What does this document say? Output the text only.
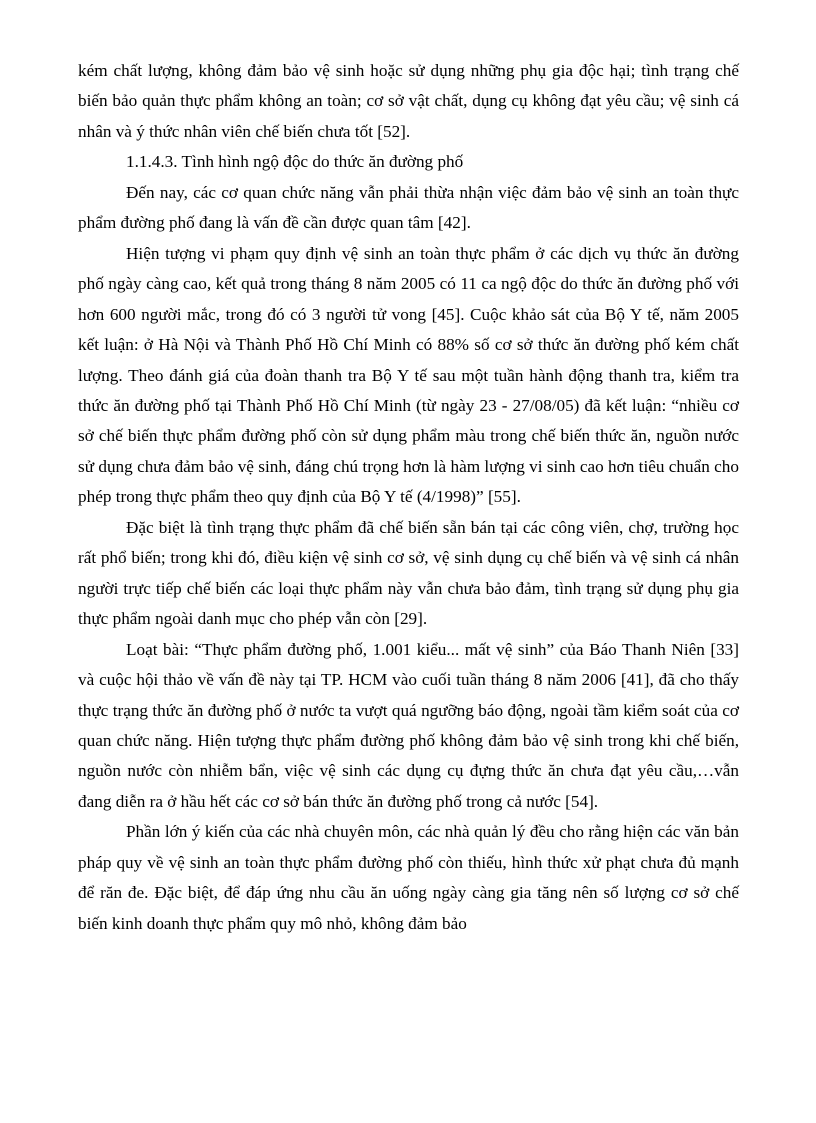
kém chất lượng, không đảm bảo vệ sinh hoặc sử dụng những phụ gia độc hại; tình trạng chế biến bảo quản thực phẩm không an toàn; cơ sở vật chất, dụng cụ không đạt yêu cầu; vệ sinh cá nhân và ý thức nhân viên chế biến chưa tốt [52].

1.1.4.3. Tình hình ngộ độc do thức ăn đường phố

Đến nay, các cơ quan chức năng vẫn phải thừa nhận việc đảm bảo vệ sinh an toàn thực phẩm đường phố đang là vấn đề cần được quan tâm [42].

Hiện tượng vi phạm quy định vệ sinh an toàn thực phẩm ở các dịch vụ thức ăn đường phố ngày càng cao, kết quả trong tháng 8 năm 2005 có 11 ca ngộ độc do thức ăn đường phố với hơn 600 người mắc, trong đó có 3 người tử vong [45]. Cuộc khảo sát của Bộ Y tế, năm 2005 kết luận: ở Hà Nội và Thành Phố Hồ Chí Minh có 88% số cơ sở thức ăn đường phố kém chất lượng. Theo đánh giá của đoàn thanh tra Bộ Y tế sau một tuần hành động thanh tra, kiểm tra thức ăn đường phố tại Thành Phố Hồ Chí Minh (từ ngày 23 - 27/08/05) đã kết luận: “nhiều cơ sở chế biến thực phẩm đường phố còn sử dụng phẩm màu trong chế biến thức ăn, nguồn nước sử dụng chưa đảm bảo vệ sinh, đáng chú trọng hơn là hàm lượng vi sinh cao hơn tiêu chuẩn cho phép trong thực phẩm theo quy định của Bộ Y tế (4/1998)” [55].

Đặc biệt là tình trạng thực phẩm đã chế biến sẵn bán tại các công viên, chợ, trường học rất phổ biến; trong khi đó, điều kiện vệ sinh cơ sở, vệ sinh dụng cụ chế biến và vệ sinh cá nhân người trực tiếp chế biến các loại thực phẩm này vẫn chưa bảo đảm, tình trạng sử dụng phụ gia thực phẩm ngoài danh mục cho phép vẫn còn [29].

Loạt bài: “Thực phẩm đường phố, 1.001 kiểu... mất vệ sinh” của Báo Thanh Niên [33] và cuộc hội thảo về vấn đề này tại TP. HCM vào cuối tuần tháng 8 năm 2006 [41], đã cho thấy thực trạng thức ăn đường phố ở nước ta vượt quá ngưỡng báo động, ngoài tầm kiểm soát của cơ quan chức năng. Hiện tượng thực phẩm đường phố không đảm bảo vệ sinh trong khi chế biến, nguồn nước còn nhiễm bẩn, việc vệ sinh các dụng cụ đựng thức ăn chưa đạt yêu cầu,…vẫn đang diễn ra ở hầu hết các cơ sở bán thức ăn đường phố trong cả nước [54].

Phần lớn ý kiến của các nhà chuyên môn, các nhà quản lý đều cho rằng hiện các văn bản pháp quy về vệ sinh an toàn thực phẩm đường phố còn thiếu, hình thức xử phạt chưa đủ mạnh để răn đe. Đặc biệt, để đáp ứng nhu cầu ăn uống ngày càng gia tăng nên số lượng cơ sở chế biến kinh doanh thực phẩm quy mô nhỏ, không đảm bảo
